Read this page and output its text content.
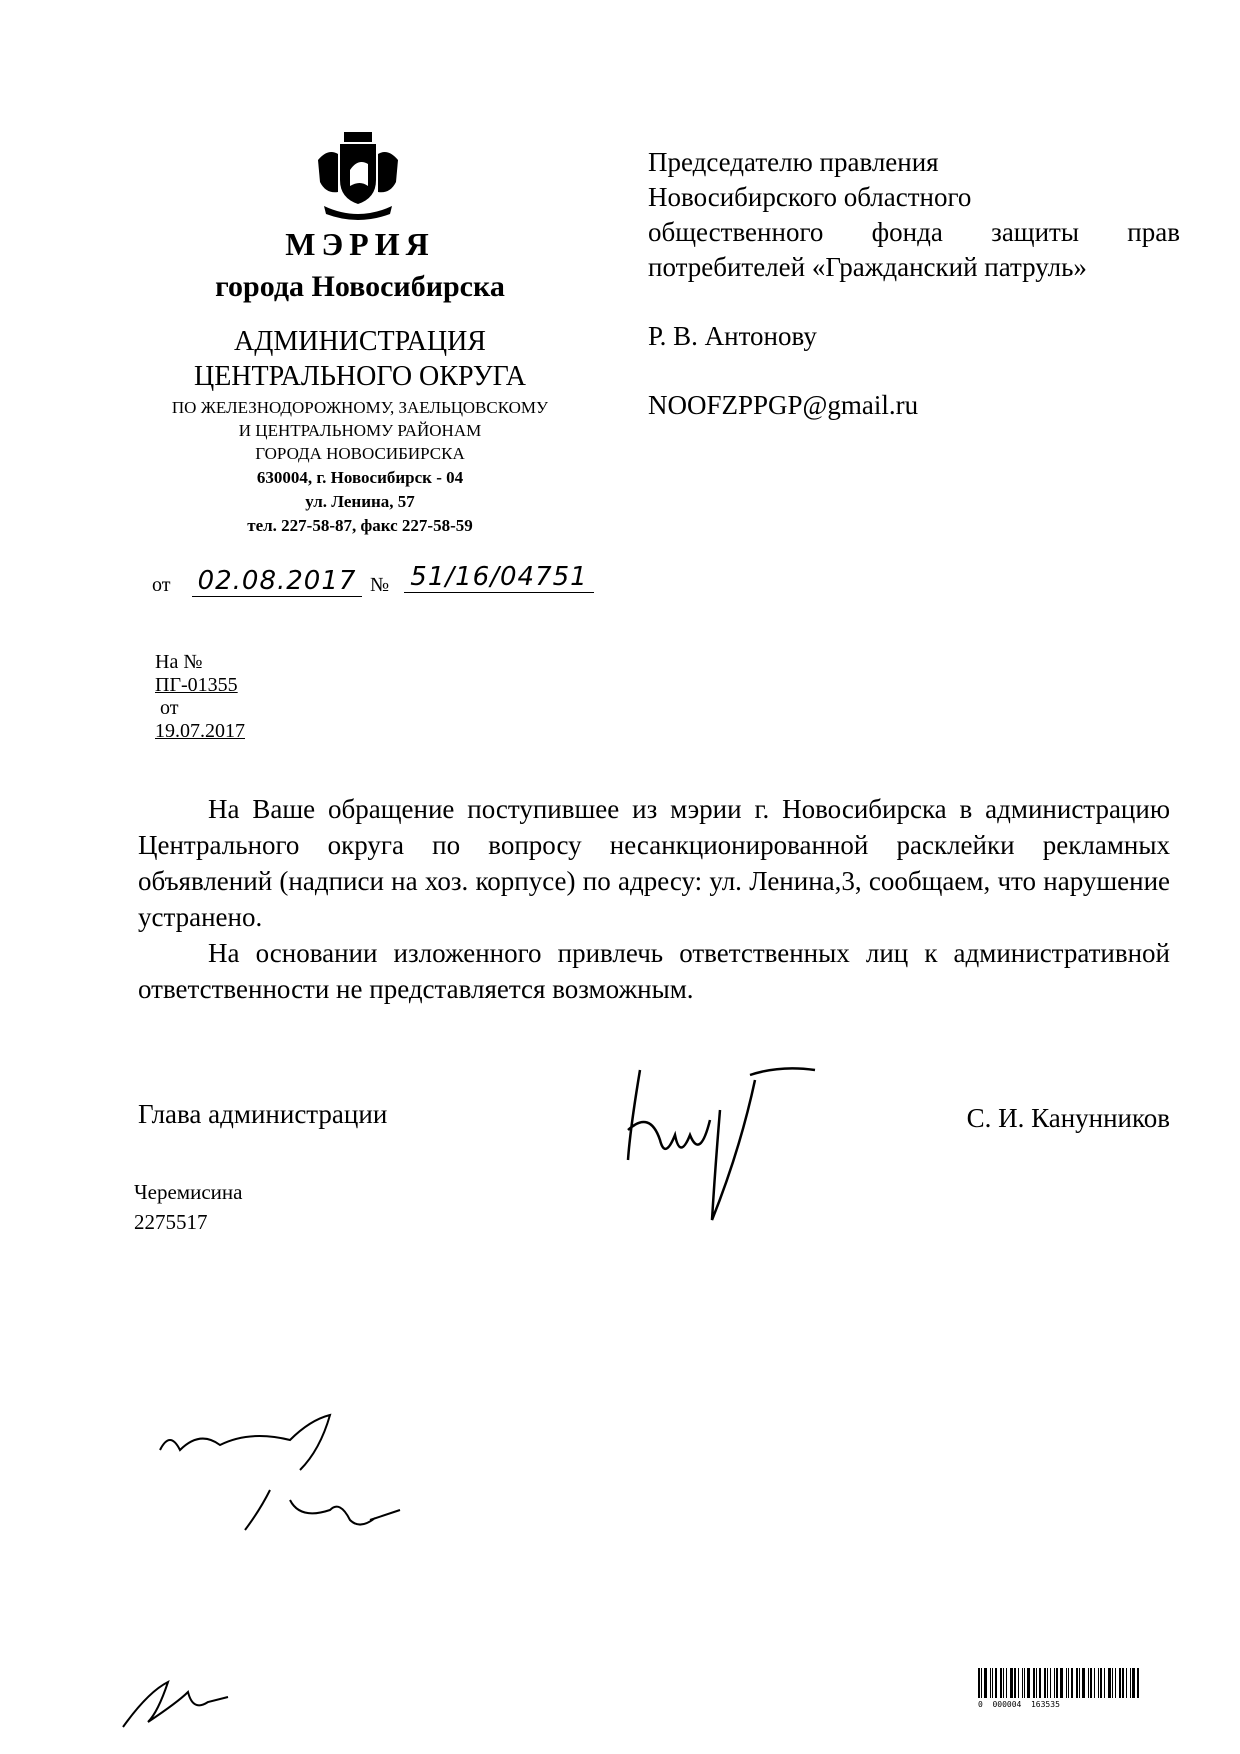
МЭРИЯ
города Новосибирска
АДМИНИСТРАЦИЯ
ЦЕНТРАЛЬНОГО ОКРУГА
ПО ЖЕЛЕЗНОДОРОЖНОМУ, ЗАЕЛЬЦОВСКОМУ
И ЦЕНТРАЛЬНОМУ РАЙОНАМ
ГОРОДА НОВОСИБИРСКА
630004, г. Новосибирск - 04
ул. Ленина, 57
тел. 227-58-87, факс 227-58-59
от 02.08.2017 № 51/16/04751

На №
ПГ-01355
от
19.07.2017

Председателю правления
Новосибирского областного
общественного фонда защиты прав
потребителей «Гражданский патруль»
Р. В. Антонову
NOOFZPPGP@gmail.ru

На Ваше обращение поступившее из мэрии г. Новосибирска в администрацию Центрального округа по вопросу несанкционированной расклейки рекламных объявлений (надписи на хоз. корпусе) по адресу: ул. Ленина,3, сообщаем, что нарушение устранено.

На основании изложенного привлечь ответственных лиц к административной ответственности не представляется возможным.

Глава администрации	С. И. Канунников
Черемисина
2275517
0  000004  163535
